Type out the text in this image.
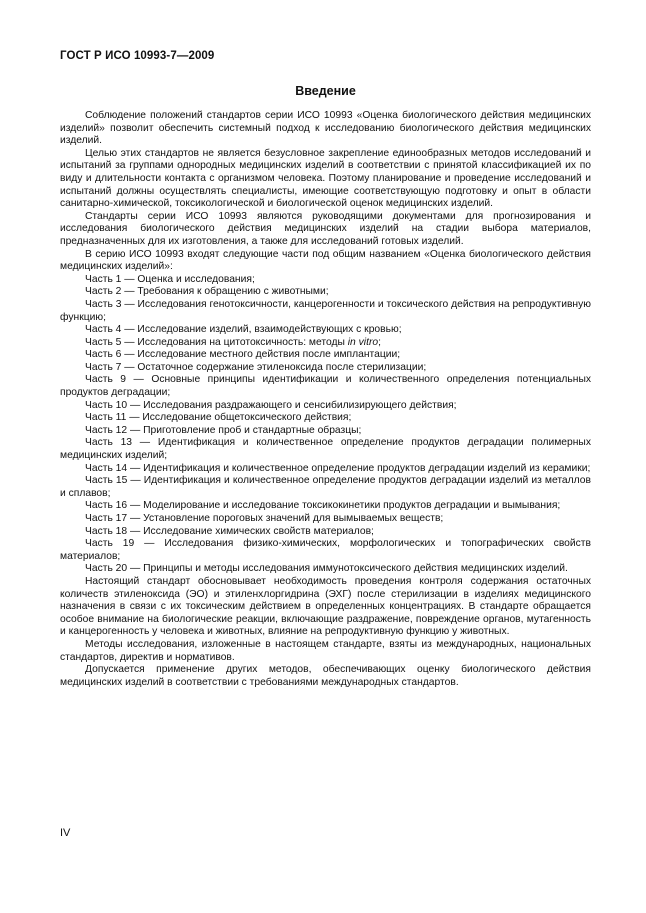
ГОСТ Р ИСО 10993-7—2009
Введение

Соблюдение положений стандартов серии ИСО 10993 «Оценка биологического действия медицинских изделий» позволит обеспечить системный подход к исследованию биологического действия медицинских изделий.

Целью этих стандартов не является безусловное закрепление единообразных методов исследований и испытаний за группами однородных медицинских изделий в соответствии с принятой классификацией их по виду и длительности контакта с организмом человека. Поэтому планирование и проведение исследований и испытаний должны осуществлять специалисты, имеющие соответствующую подготовку и опыт в области санитарно-химической, токсикологической и биологической оценок медицинских изделий.

Стандарты серии ИСО 10993 являются руководящими документами для прогнозирования и исследования биологического действия медицинских изделий на стадии выбора материалов, предназначенных для их изготовления, а также для исследований готовых изделий.

В серию ИСО 10993 входят следующие части под общим названием «Оценка биологического действия медицинских изделий»:

Часть 1 — Оценка и исследования;

Часть 2 — Требования к обращению с животными;

Часть 3 — Исследования генотоксичности, канцерогенности и токсического действия на репродуктивную функцию;

Часть 4 — Исследование изделий, взаимодействующих с кровью;

Часть 5 — Исследования на цитотоксичность: методы in vitro;

Часть 6 — Исследование местного действия после имплантации;

Часть 7 — Остаточное содержание этиленоксида после стерилизации;

Часть 9 — Основные принципы идентификации и количественного определения потенциальных продуктов деградации;

Часть 10 — Исследования раздражающего и сенсибилизирующего действия;

Часть 11 — Исследование общетоксического действия;

Часть 12 — Приготовление проб и стандартные образцы;

Часть 13 — Идентификация и количественное определение продуктов деградации полимерных медицинских изделий;

Часть 14 — Идентификация и количественное определение продуктов деградации изделий из керамики;

Часть 15 — Идентификация и количественное определение продуктов деградации изделий из металлов и сплавов;

Часть 16 — Моделирование и исследование токсикокинетики продуктов деградации и вымывания;

Часть 17 — Установление пороговых значений для вымываемых веществ;

Часть 18 — Исследование химических свойств материалов;

Часть 19 — Исследования физико-химических, морфологических и топографических свойств материалов;

Часть 20 — Принципы и методы исследования иммунотоксического действия медицинских изделий.

Настоящий стандарт обосновывает необходимость проведения контроля содержания остаточных количеств этиленоксида (ЭО) и этиленхлоргидрина (ЭХГ) после стерилизации в изделиях медицинского назначения в связи с их токсическим действием в определенных концентрациях. В стандарте обращается особое внимание на биологические реакции, включающие раздражение, повреждение органов, мутагенность и канцерогенность у человека и животных, влияние на репродуктивную функцию у животных.

Методы исследования, изложенные в настоящем стандарте, взяты из международных, национальных стандартов, директив и нормативов.

Допускается применение других методов, обеспечивающих оценку биологического действия медицинских изделий в соответствии с требованиями международных стандартов.

IV
